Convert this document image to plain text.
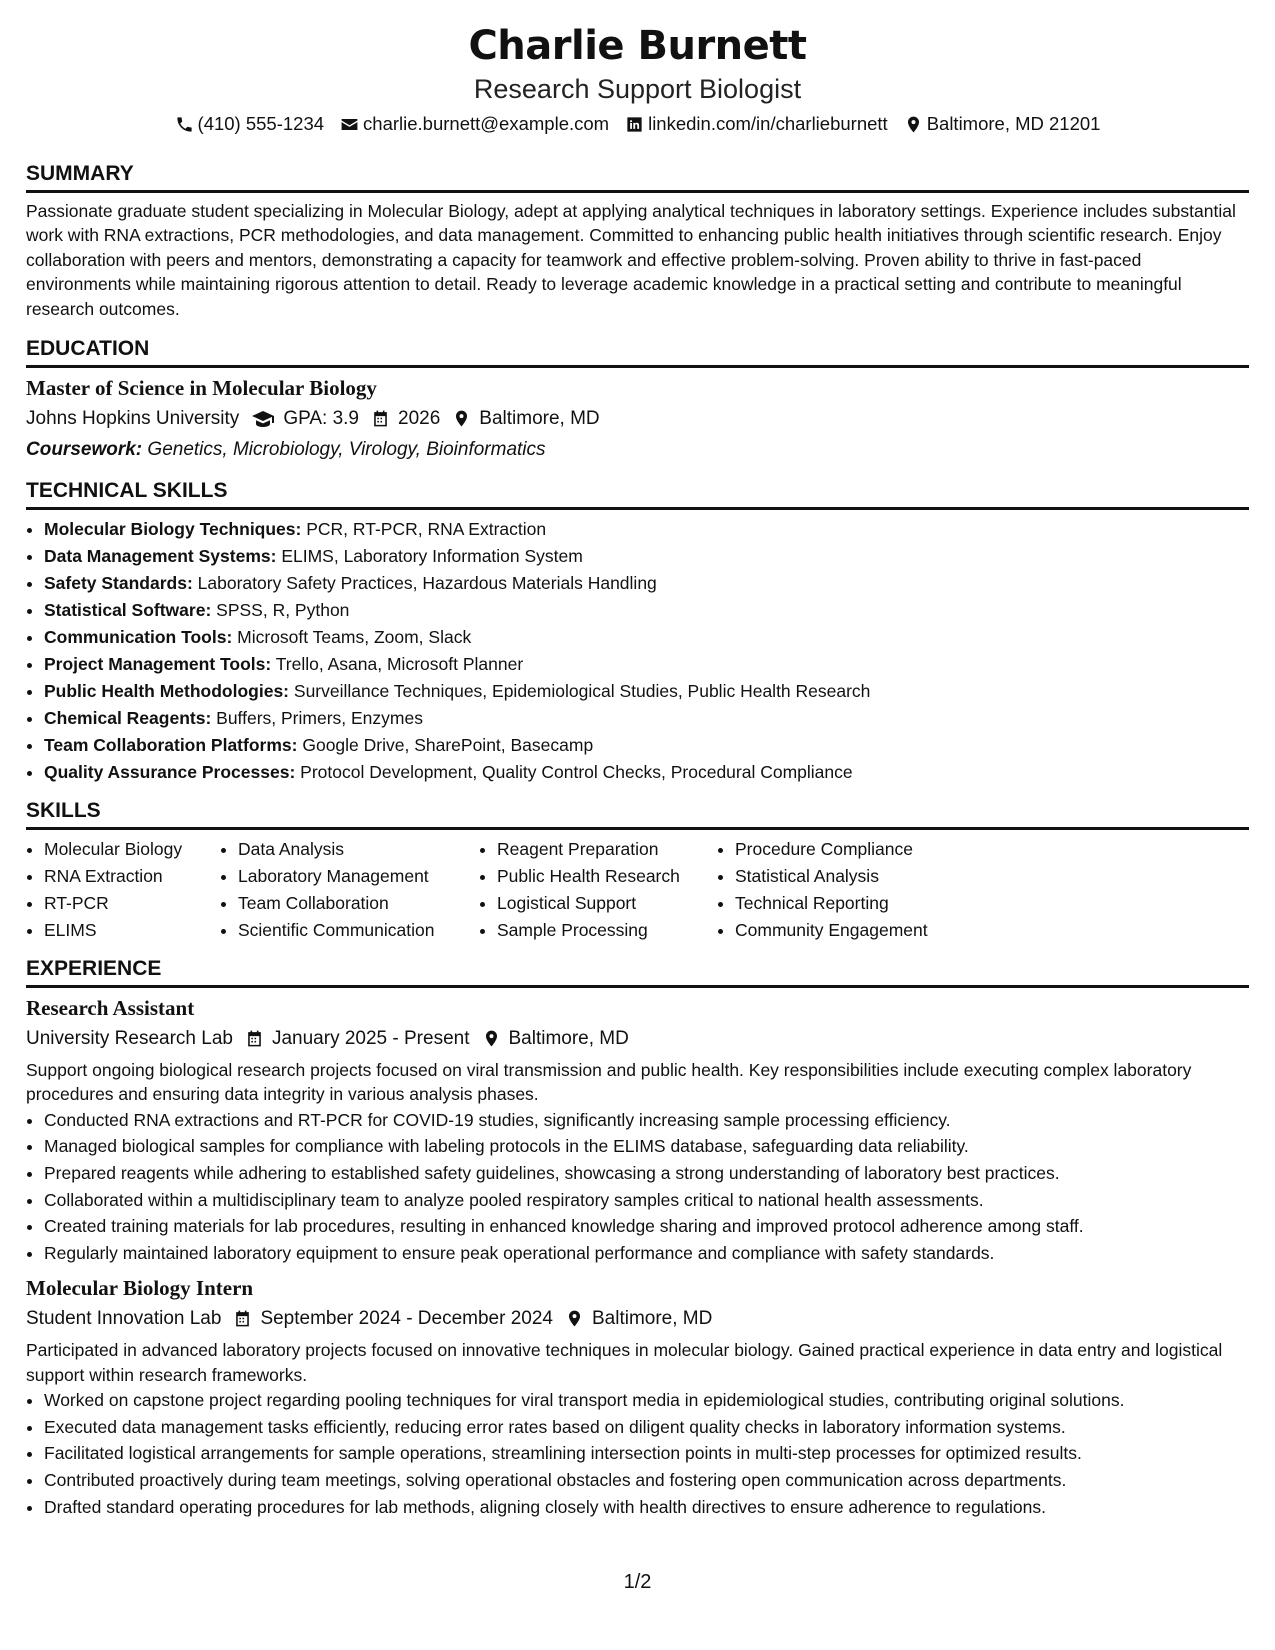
Charlie Burnett
Research Support Biologist
(410) 555-1234 charlie.burnett@example.com linkedin.com/in/charlieburnett Baltimore, MD 21201
SUMMARY
Passionate graduate student specializing in Molecular Biology, adept at applying analytical techniques in laboratory settings. Experience includes substantial work with RNA extractions, PCR methodologies, and data management. Committed to enhancing public health initiatives through scientific research. Enjoy collaboration with peers and mentors, demonstrating a capacity for teamwork and effective problem-solving. Proven ability to thrive in fast-paced environments while maintaining rigorous attention to detail. Ready to leverage academic knowledge in a practical setting and contribute to meaningful research outcomes.
EDUCATION
Master of Science in Molecular Biology
Johns Hopkins University GPA: 3.9 2026 Baltimore, MD
Coursework: Genetics, Microbiology, Virology, Bioinformatics
TECHNICAL SKILLS
• Molecular Biology Techniques: PCR, RT-PCR, RNA Extraction
• Data Management Systems: ELIMS, Laboratory Information System
• Safety Standards: Laboratory Safety Practices, Hazardous Materials Handling
• Statistical Software: SPSS, R, Python
• Communication Tools: Microsoft Teams, Zoom, Slack
• Project Management Tools: Trello, Asana, Microsoft Planner
• Public Health Methodologies: Surveillance Techniques, Epidemiological Studies, Public Health Research
• Chemical Reagents: Buffers, Primers, Enzymes
• Team Collaboration Platforms: Google Drive, SharePoint, Basecamp
• Quality Assurance Processes: Protocol Development, Quality Control Checks, Procedural Compliance
SKILLS
• Molecular Biology
• RNA Extraction
• RT-PCR
• ELIMS
• Data Analysis
• Laboratory Management
• Team Collaboration
• Scientific Communication
• Reagent Preparation
• Public Health Research
• Logistical Support
• Sample Processing
• Procedure Compliance
• Statistical Analysis
• Technical Reporting
• Community Engagement
EXPERIENCE
Research Assistant
University Research Lab January 2025 - Present Baltimore, MD
Support ongoing biological research projects focused on viral transmission and public health. Key responsibilities include executing complex laboratory procedures and ensuring data integrity in various analysis phases.
• Conducted RNA extractions and RT-PCR for COVID-19 studies, significantly increasing sample processing efficiency.
• Managed biological samples for compliance with labeling protocols in the ELIMS database, safeguarding data reliability.
• Prepared reagents while adhering to established safety guidelines, showcasing a strong understanding of laboratory best practices.
• Collaborated within a multidisciplinary team to analyze pooled respiratory samples critical to national health assessments.
• Created training materials for lab procedures, resulting in enhanced knowledge sharing and improved protocol adherence among staff.
• Regularly maintained laboratory equipment to ensure peak operational performance and compliance with safety standards.
Molecular Biology Intern
Student Innovation Lab September 2024 - December 2024 Baltimore, MD
Participated in advanced laboratory projects focused on innovative techniques in molecular biology. Gained practical experience in data entry and logistical support within research frameworks.
• Worked on capstone project regarding pooling techniques for viral transport media in epidemiological studies, contributing original solutions.
• Executed data management tasks efficiently, reducing error rates based on diligent quality checks in laboratory information systems.
• Facilitated logistical arrangements for sample operations, streamlining intersection points in multi-step processes for optimized results.
• Contributed proactively during team meetings, solving operational obstacles and fostering open communication across departments.
• Drafted standard operating procedures for lab methods, aligning closely with health directives to ensure adherence to regulations.
1/2
